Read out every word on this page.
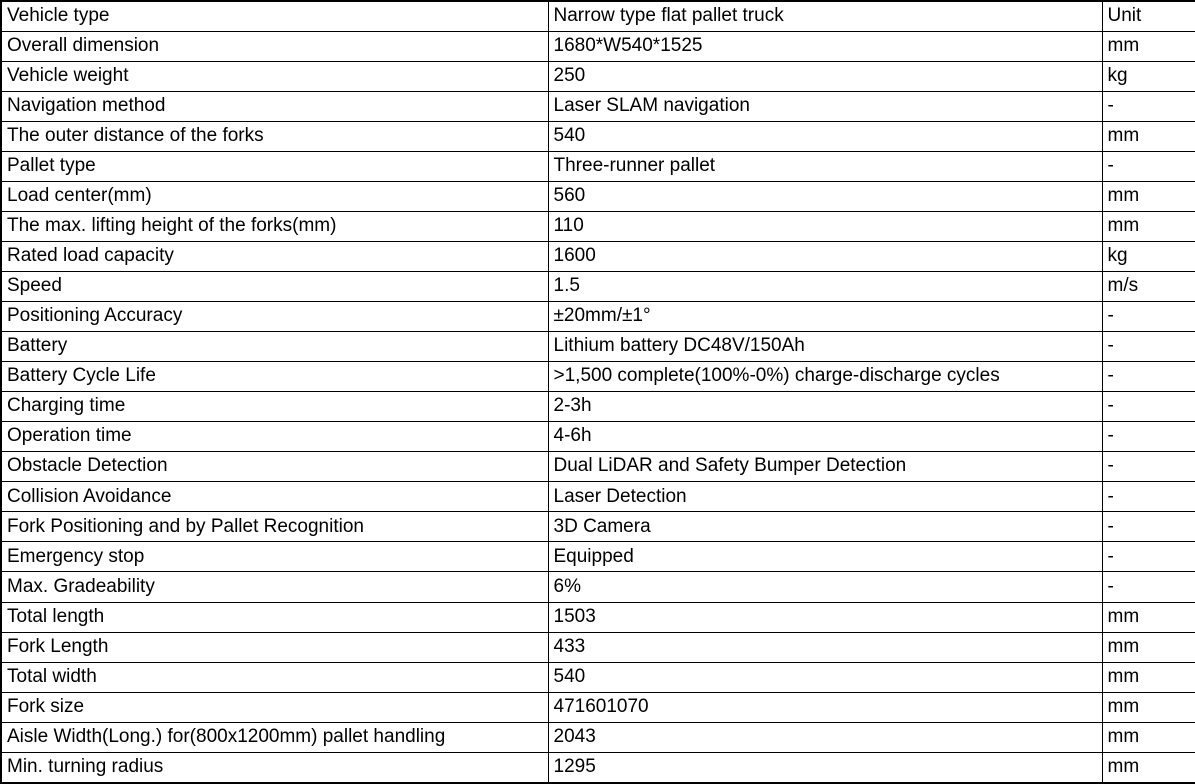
Vehicle type	Narrow type flat pallet truck	Unit
Overall dimension	1680*W540*1525	mm
Vehicle weight	250	kg
Navigation method	Laser SLAM navigation	-
The outer distance of the forks	540	mm
Pallet type	Three-runner pallet	-
Load center(mm)	560	mm
The max. lifting height of the forks(mm)	110	mm
Rated load capacity	1600	kg
Speed	1.5	m/s
Positioning Accuracy	±20mm/±1°	-
Battery	Lithium battery DC48V/150Ah	-
Battery Cycle Life	>1,500 complete(100%-0%) charge-discharge cycles	-
Charging time	2-3h	-
Operation time	4-6h	-
Obstacle Detection	Dual LiDAR and Safety Bumper Detection	-
Collision Avoidance	Laser Detection	-
Fork Positioning and by Pallet Recognition	3D Camera	-
Emergency stop	Equipped	-
Max. Gradeability	6%	-
Total length	1503	mm
Fork Length	433	mm
Total width	540	mm
Fork size	471601070	mm
Aisle Width(Long.) for(800x1200mm) pallet handling	2043	mm
Min. turning radius	1295	mm
